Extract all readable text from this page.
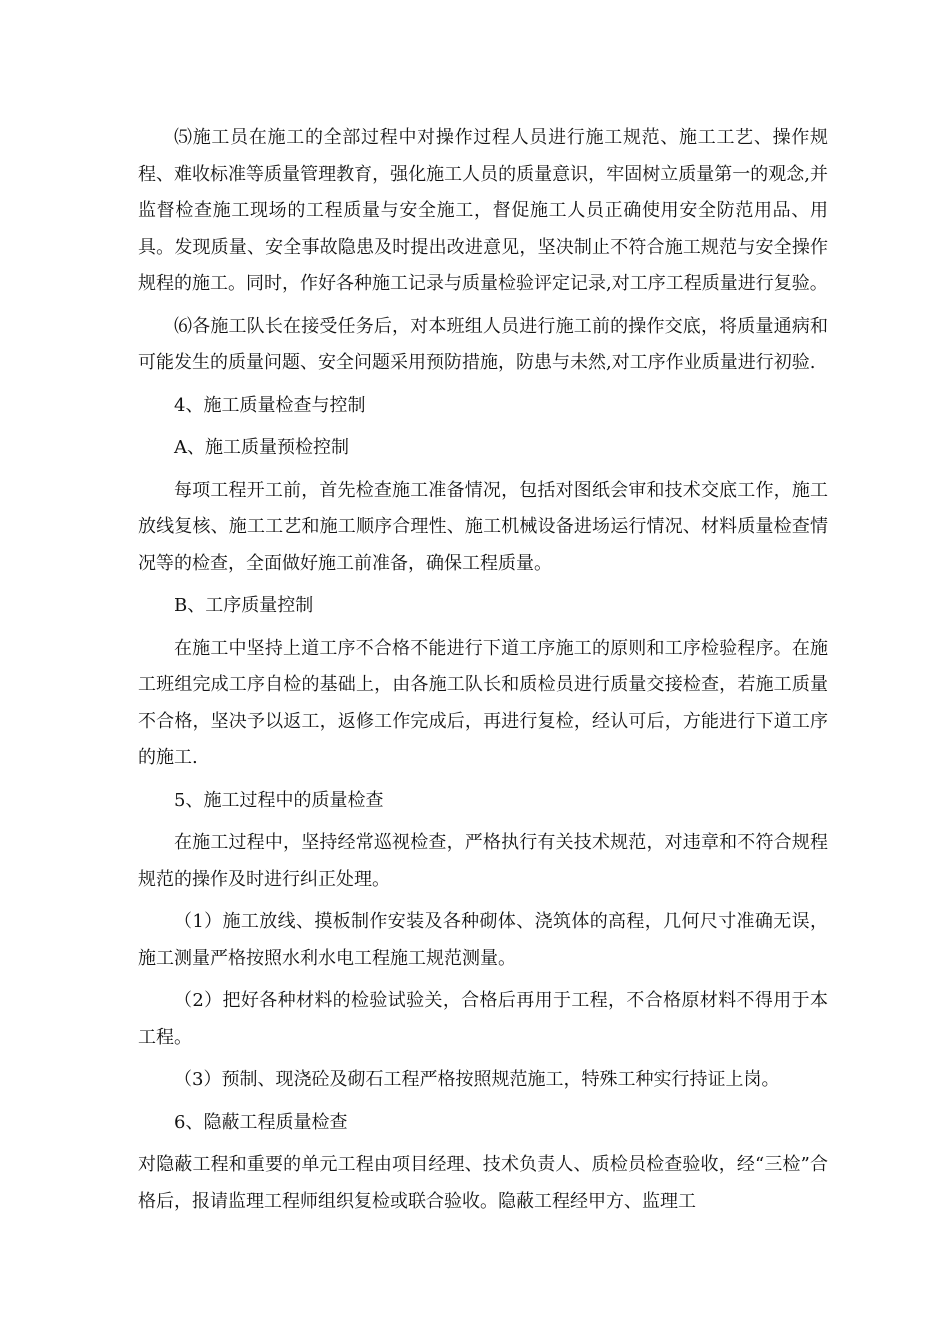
⑸施工员在施工的全部过程中对操作过程人员进行施工规范、施工工艺、操作规程、难收标准等质量管理教育，强化施工人员的质量意识，牢固树立质量第一的观念,并监督检查施工现场的工程质量与安全施工，督促施工人员正确使用安全防范用品、用具。发现质量、安全事故隐患及时提出改进意见，坚决制止不符合施工规范与安全操作规程的施工。同时，作好各种施工记录与质量检验评定记录,对工序工程质量进行复验。

⑹各施工队长在接受任务后，对本班组人员进行施工前的操作交底，将质量通病和可能发生的质量问题、安全问题采用预防措施，防患与未然,对工序作业质量进行初验.

4、施工质量检查与控制

A、施工质量预检控制

每项工程开工前，首先检查施工准备情况，包括对图纸会审和技术交底工作，施工放线复核、施工工艺和施工顺序合理性、施工机械设备进场运行情况、材料质量检查情况等的检查，全面做好施工前准备，确保工程质量。

B、工序质量控制

在施工中坚持上道工序不合格不能进行下道工序施工的原则和工序检验程序。在施工班组完成工序自检的基础上，由各施工队长和质检员进行质量交接检查，若施工质量不合格，坚决予以返工，返修工作完成后，再进行复检，经认可后，方能进行下道工序的施工.

5、施工过程中的质量检查

在施工过程中，坚持经常巡视检查，严格执行有关技术规范，对违章和不符合规程规范的操作及时进行纠正处理。

（1）施工放线、摸板制作安装及各种砌体、浇筑体的高程，几何尺寸准确无误，施工测量严格按照水利水电工程施工规范测量。

（2）把好各种材料的检验试验关，合格后再用于工程，不合格原材料不得用于本工程。

（3）预制、现浇砼及砌石工程严格按照规范施工，特殊工种实行持证上岗。

6、隐蔽工程质量检查

对隐蔽工程和重要的单元工程由项目经理、技术负责人、质检员检查验收，经“三检”合格后，报请监理工程师组织复检或联合验收。隐蔽工程经甲方、监理工
